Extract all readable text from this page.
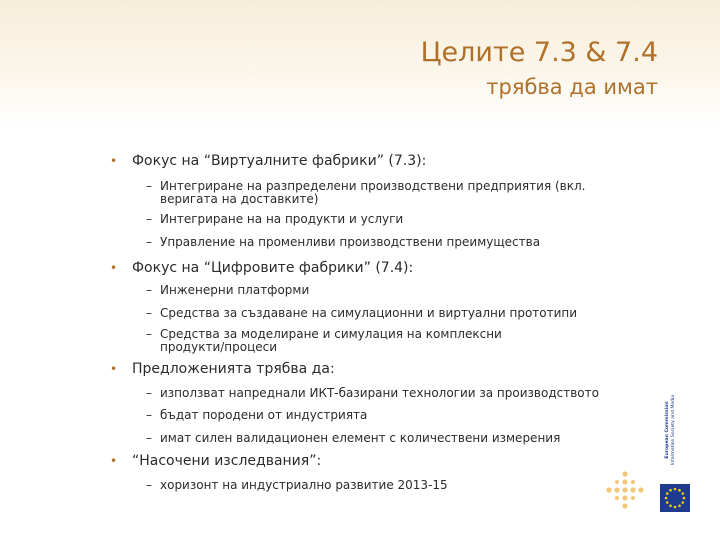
Целите 7.3 & 7.4
трябва да имат
• Фокус на “Виртуалните фабрики” (7.3):
– Интегриране на разпределени производствени предприятия (вкл. веригата на доставките)
– Интегриране на на продукти и услуги
– Управление на променливи производствени преимущества
• Фокус на “Цифровите фабрики” (7.4):
– Инженерни платформи
– Средства за създаване на симулационни и виртуални прототипи
– Средства за моделиране и симулация на комплексни продукти/процеси
• Предложенията трябва да:
– използват напреднали ИКТ-базирани технологии за производството
– бъдат породени от индустрията
– имат силен валидационен елемент с количествени измерения
• “Насочени изследвания”:
– хоризонт на индустриално развитие 2013-15
European Commission Information Society and Media
